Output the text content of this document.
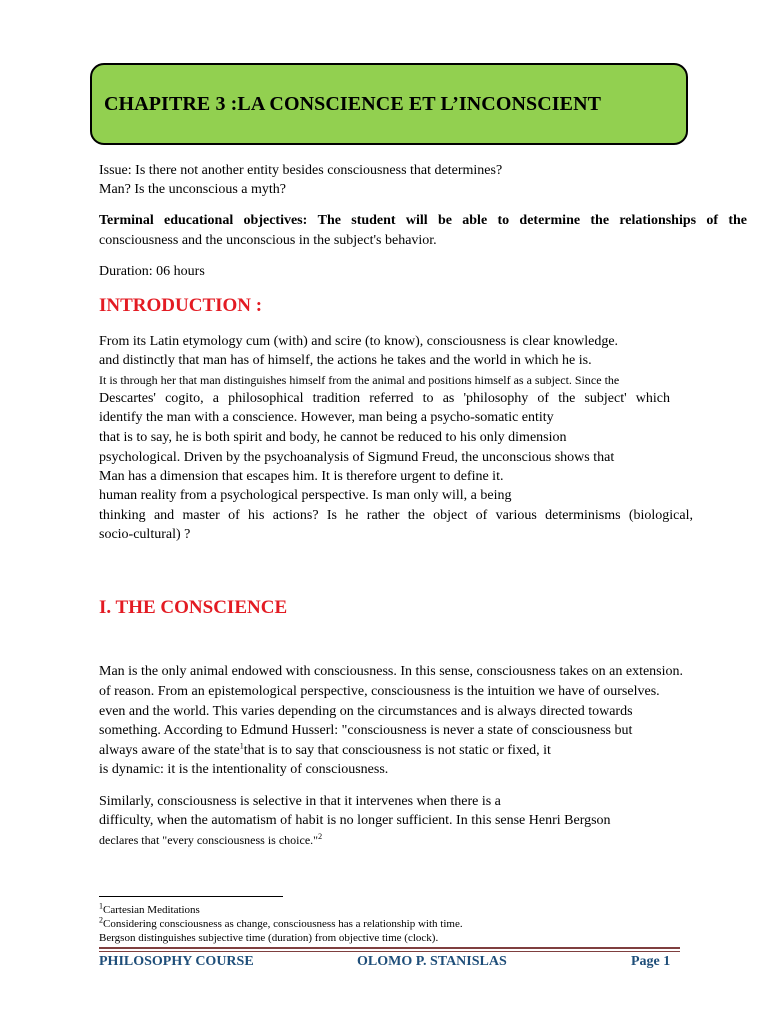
CHAPITRE 3 :LA CONSCIENCE ET L’INCONSCIENT
Issue: Is there not another entity besides consciousness that determines?
Man? Is the unconscious a myth?
Terminal educational objectives: The student will be able to determine the relationships of the
consciousness and the unconscious in the subject's behavior.
Duration: 06 hours
INTRODUCTION :
From its Latin etymology cum (with) and scire (to know), consciousness is clear knowledge.
and distinctly that man has of himself, the actions he takes and the world in which he is.
It is through her that man distinguishes himself from the animal and positions himself as a subject. Since the
Descartes' cogito, a philosophical tradition referred to as 'philosophy of the subject' which
identify the man with a conscience. However, man being a psycho-somatic entity
that is to say, he is both spirit and body, he cannot be reduced to his only dimension
psychological. Driven by the psychoanalysis of Sigmund Freud, the unconscious shows that
Man has a dimension that escapes him. It is therefore urgent to define it.
human reality from a psychological perspective. Is man only will, a being
thinking and master of his actions? Is he rather the object of various determinisms (biological,
socio-cultural) ?
I. THE CONSCIENCE
Man is the only animal endowed with consciousness. In this sense, consciousness takes on an extension.
of reason. From an epistemological perspective, consciousness is the intuition we have of ourselves.
even and the world. This varies depending on the circumstances and is always directed towards
something. According to Edmund Husserl: "consciousness is never a state of consciousness but
always aware of the state$^1$that is to say that consciousness is not static or fixed, it
is dynamic: it is the intentionality of consciousness.
Similarly, consciousness is selective in that it intervenes when there is a
difficulty, when the automatism of habit is no longer sufficient. In this sense Henri Bergson
declares that "every consciousness is choice."$^2$
$^1$Cartesian Meditations
$^2$Considering consciousness as change, consciousness has a relationship with time.
Bergson distinguishes subjective time (duration) from objective time (clock).
PHILOSOPHY COURSE	OLOMO P. STANISLAS	Page 1
